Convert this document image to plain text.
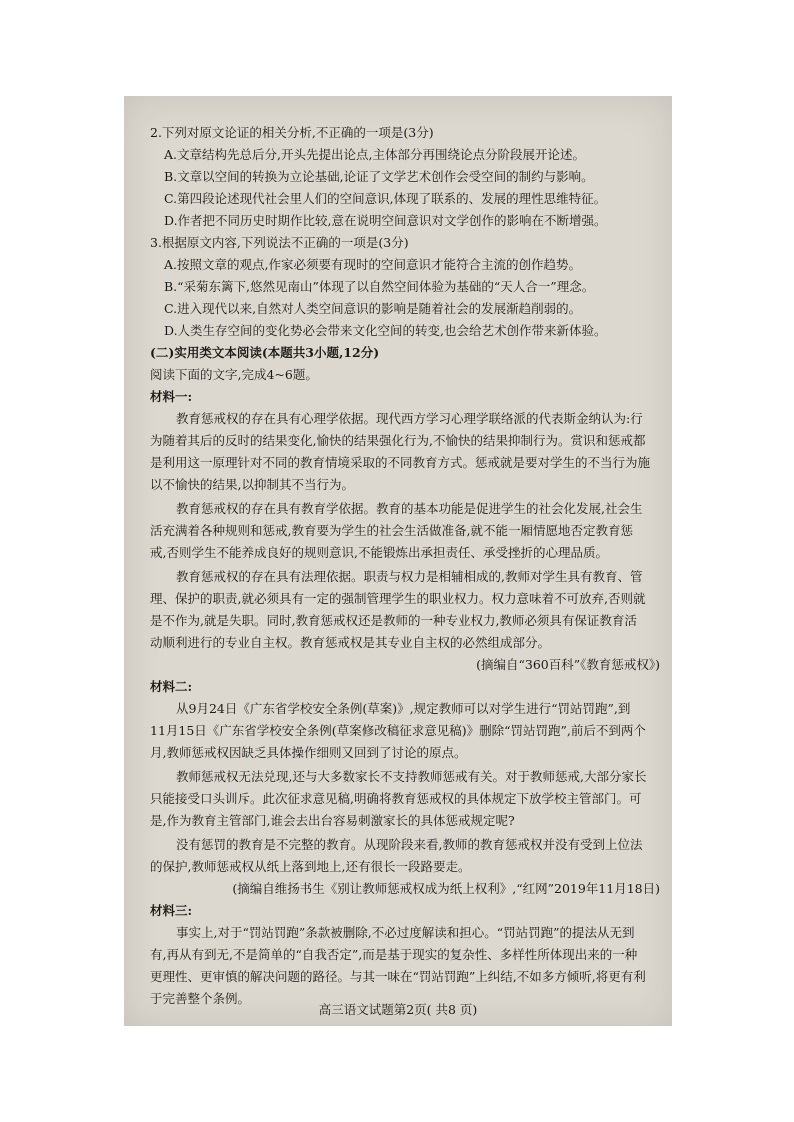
2.下列对原文论证的相关分析,不正确的一项是(3分)

A.文章结构先总后分,开头先提出论点,主体部分再围绕论点分阶段展开论述。

B.文章以空间的转换为立论基础,论证了文学艺术创作会受空间的制约与影响。

C.第四段论述现代社会里人们的空间意识,体现了联系的、发展的理性思维特征。

D.作者把不同历史时期作比较,意在说明空间意识对文学创作的影响在不断增强。

3.根据原文内容,下列说法不正确的一项是(3分)

A.按照文章的观点,作家必须要有现时的空间意识才能符合主流的创作趋势。

B.“采菊东篱下,悠然见南山”体现了以自然空间体验为基础的“天人合一”理念。

C.进入现代以来,自然对人类空间意识的影响是随着社会的发展渐趋削弱的。

D.人类生存空间的变化势必会带来文化空间的转变,也会给艺术创作带来新体验。

(二)实用类文本阅读(本题共3小题,12分)

阅读下面的文字,完成4~6题。

材料一:

教育惩戒权的存在具有心理学依据。现代西方学习心理学联络派的代表斯金纳认为:行

为随着其后的反时的结果变化,愉快的结果强化行为,不愉快的结果抑制行为。赏识和惩戒都

是利用这一原理针对不同的教育情境采取的不同教育方式。惩戒就是要对学生的不当行为施

以不愉快的结果,以抑制其不当行为。

教育惩戒权的存在具有教育学依据。教育的基本功能是促进学生的社会化发展,社会生

活充满着各种规则和惩戒,教育要为学生的社会生活做准备,就不能一厢情愿地否定教育惩

戒,否则学生不能养成良好的规则意识,不能锻炼出承担责任、承受挫折的心理品质。

教育惩戒权的存在具有法理依据。职责与权力是相辅相成的,教师对学生具有教育、管

理、保护的职责,就必须具有一定的强制管理学生的职业权力。权力意味着不可放弃,否则就

是不作为,就是失职。同时,教育惩戒权还是教师的一种专业权力,教师必须具有保证教育活

动顺利进行的专业自主权。教育惩戒权是其专业自主权的必然组成部分。

(摘编自“360百科”《教育惩戒权》)

材料二:

从9月24日《广东省学校安全条例(草案)》,规定教师可以对学生进行“罚站罚跑”,到

11月15日《广东省学校安全条例(草案修改稿征求意见稿)》删除“罚站罚跑”,前后不到两个

月,教师惩戒权因缺乏具体操作细则又回到了讨论的原点。

教师惩戒权无法兑现,还与大多数家长不支持教师惩戒有关。对于教师惩戒,大部分家长

只能接受口头训斥。此次征求意见稿,明确将教育惩戒权的具体规定下放学校主管部门。可

是,作为教育主管部门,谁会去出台容易刺激家长的具体惩戒规定呢?

没有惩罚的教育是不完整的教育。从现阶段来看,教师的教育惩戒权并没有受到上位法

的保护,教师惩戒权从纸上落到地上,还有很长一段路要走。

(摘编自维扬书生《别让教师惩戒权成为纸上权利》,“红网”2019年11月18日)

材料三:

事实上,对于“罚站罚跑”条款被删除,不必过度解读和担心。“罚站罚跑”的提法从无到

有,再从有到无,不是简单的“自我否定”,而是基于现实的复杂性、多样性所体现出来的一种

更理性、更审慎的解决问题的路径。与其一味在“罚站罚跑”上纠结,不如多方倾听,将更有利

于完善整个条例。

高三语文试题第2页( 共8 页)
